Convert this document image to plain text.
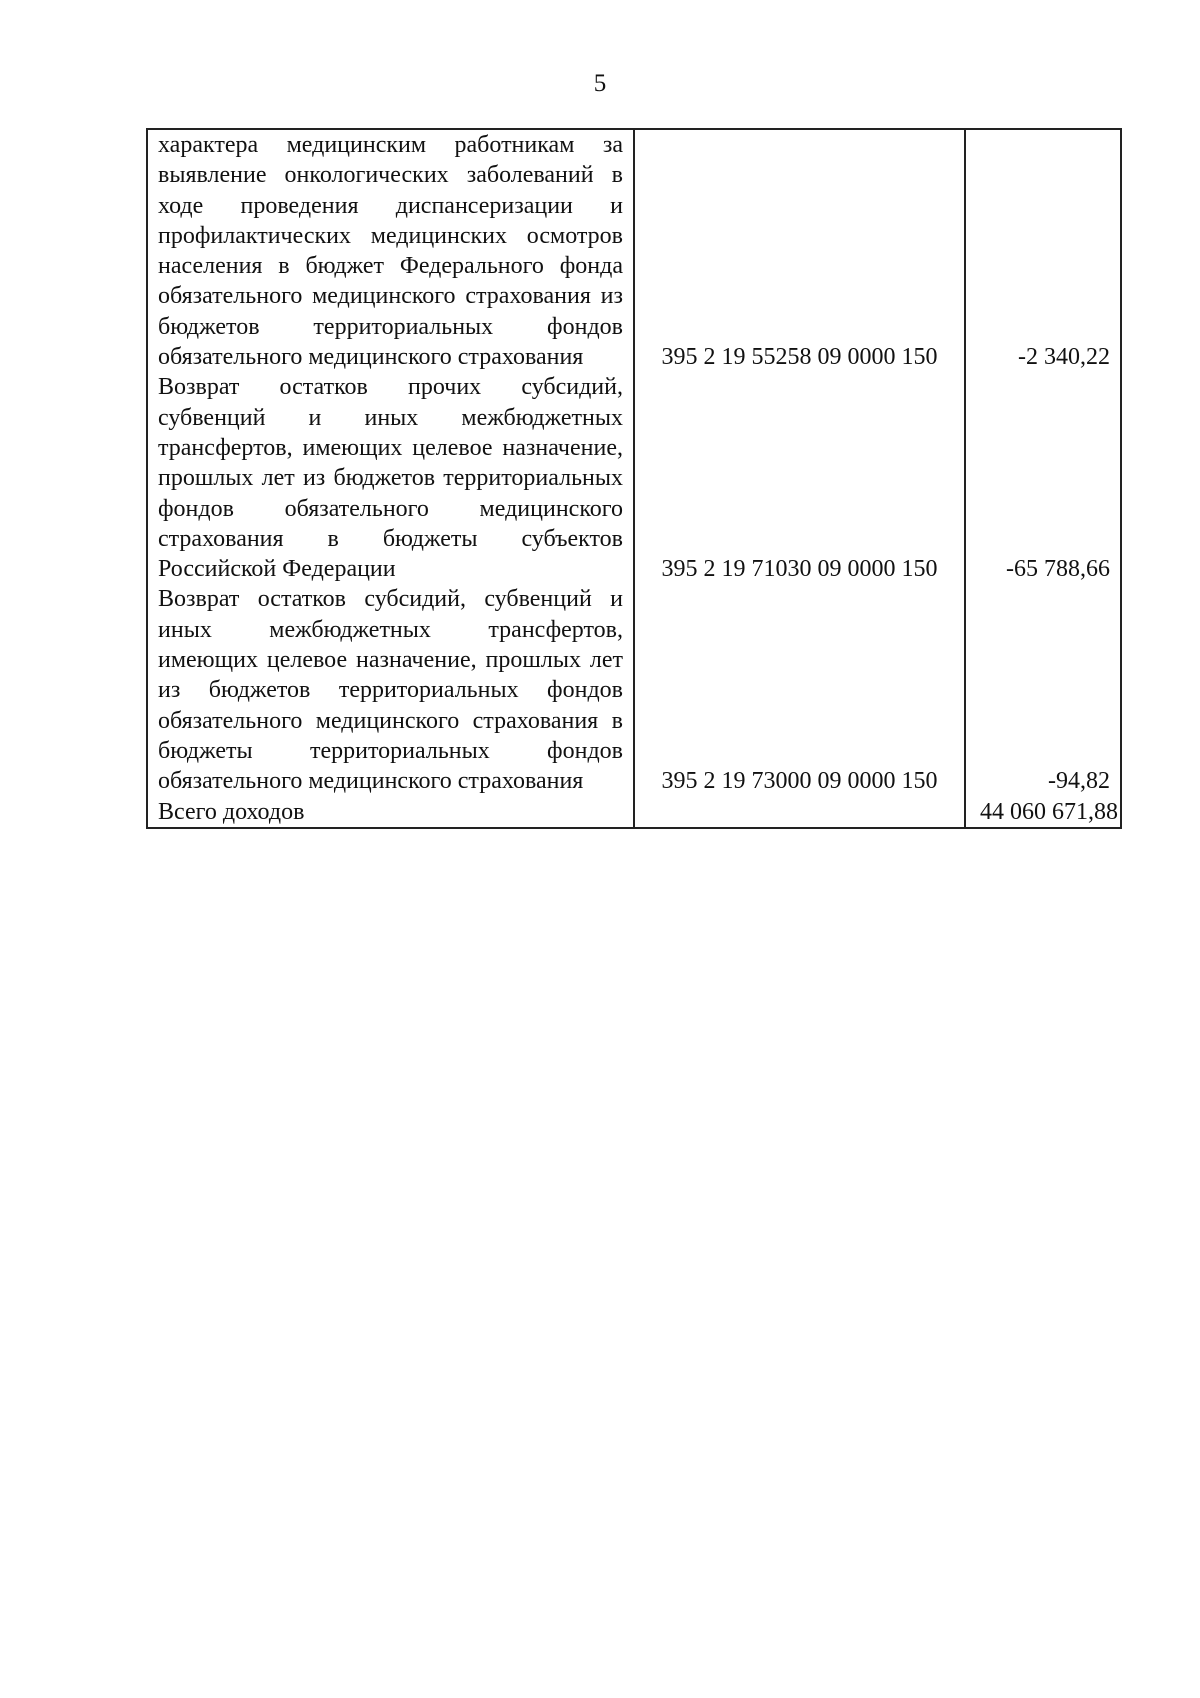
5
характера медицинским работникам за выявление онкологических заболеваний в ходе проведения диспансеризации и профилактических медицинских осмотров населения в бюджет Федерального фонда обязательного медицинского страхования из бюджетов территориальных фондов обязательного медицинского страхования	395 2 19 55258 09 0000 150	-2 340,22
Возврат остатков прочих субсидий, субвенций и иных межбюджетных трансфертов, имеющих целевое назначение, прошлых лет из бюджетов территориальных фондов обязательного медицинского страхования в бюджеты субъектов Российской Федерации	395 2 19 71030 09 0000 150	-65 788,66
Возврат остатков субсидий, субвенций и иных межбюджетных трансфертов, имеющих целевое назначение, прошлых лет из бюджетов территориальных фондов обязательного медицинского страхования в бюджеты территориальных фондов обязательного медицинского страхования	395 2 19 73000 09 0000 150	-94,82
Всего доходов		44 060 671,88
